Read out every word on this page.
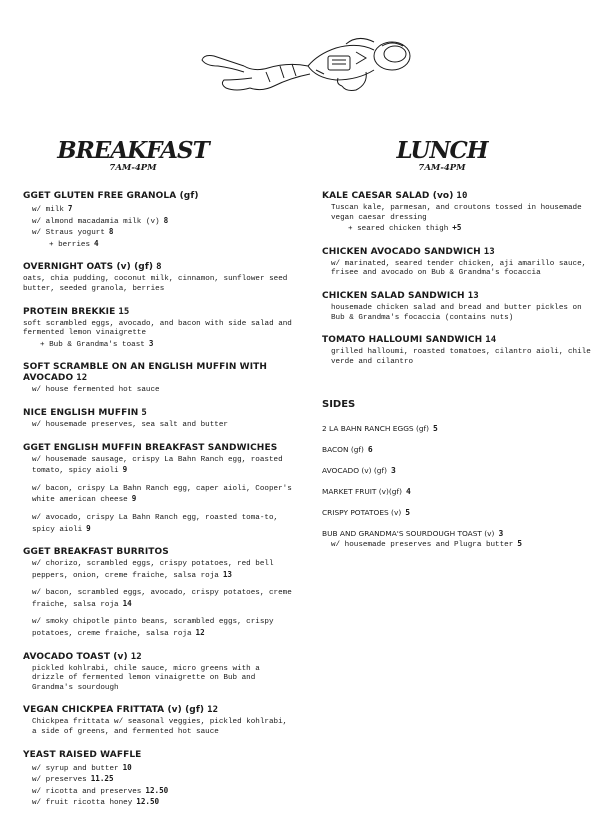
BREAKFAST
7AM-4PM
GGET GLUTEN FREE GRANOLA (gf)
w/ milk 7
w/ almond macadamia milk (v) 8
w/ Straus yogurt 8
+ berries 4
OVERNIGHT OATS (v) (gf) 8
oats, chia pudding, coconut milk, cinnamon, sunflower seed butter, seeded granola, berries
PROTEIN BREKKIE 15
soft scrambled eggs, avocado, and bacon with side salad and fermented lemon vinaigrette
+ Bub & Grandma's toast 3
SOFT SCRAMBLE ON AN ENGLISH MUFFIN WITH AVOCADO 12
w/ house fermented hot sauce
NICE ENGLISH MUFFIN 5
w/ housemade preserves, sea salt and butter
GGET ENGLISH MUFFIN BREAKFAST SANDWICHES
w/ housemade sausage, crispy La Bahn Ranch egg, roasted tomato, spicy aioli 9
w/ bacon, crispy La Bahn Ranch egg, caper aioli, Cooper's white american cheese 9
w/ avocado, crispy La Bahn Ranch egg, roasted toma-to, spicy aioli 9
GGET BREAKFAST BURRITOS
w/ chorizo, scrambled eggs, crispy potatoes, red bell peppers, onion, creme fraiche, salsa roja 13
w/ bacon, scrambled eggs, avocado, crispy potatoes, creme fraiche, salsa roja 14
w/ smoky chipotle pinto beans, scrambled eggs, crispy potatoes, creme fraiche, salsa roja 12
AVOCADO TOAST (v) 12
pickled kohlrabi, chile sauce, micro greens with a drizzle of fermented lemon vinaigrette on Bub and Grandma's sourdough
VEGAN CHICKPEA FRITTATA (v) (gf) 12
Chickpea frittata w/ seasonal veggies, pickled kohlrabi, a side of greens, and fermented hot sauce
YEAST RAISED WAFFLE
w/ syrup and butter 10
w/ preserves 11.25
w/ ricotta and preserves 12.50
w/ fruit ricotta honey 12.50
LUNCH
7AM-4PM
KALE CAESAR SALAD (vo) 10
Tuscan kale, parmesan, and croutons tossed in housemade vegan caesar dressing
+ seared chicken thigh +5
CHICKEN AVOCADO SANDWICH 13
w/ marinated, seared tender chicken, aji amarillo sauce, frisee and avocado on Bub & Grandma's focaccia
CHICKEN SALAD SANDWICH 13
housemade chicken salad and bread and butter pickles on Bub & Grandma's focaccia (contains nuts)
TOMATO HALLOUMI SANDWICH 14
grilled halloumi, roasted tomatoes, cilantro aioli, chile verde and cilantro
SIDES
2 LA BAHN RANCH EGGS (gf) 5
BACON (gf) 6
AVOCADO (v) (gf) 3
MARKET FRUIT (v)(gf) 4
CRISPY POTATOES (v) 5
BUB AND GRANDMA'S SOURDOUGH TOAST (v) 3
w/ housemade preserves and Plugra butter 5
